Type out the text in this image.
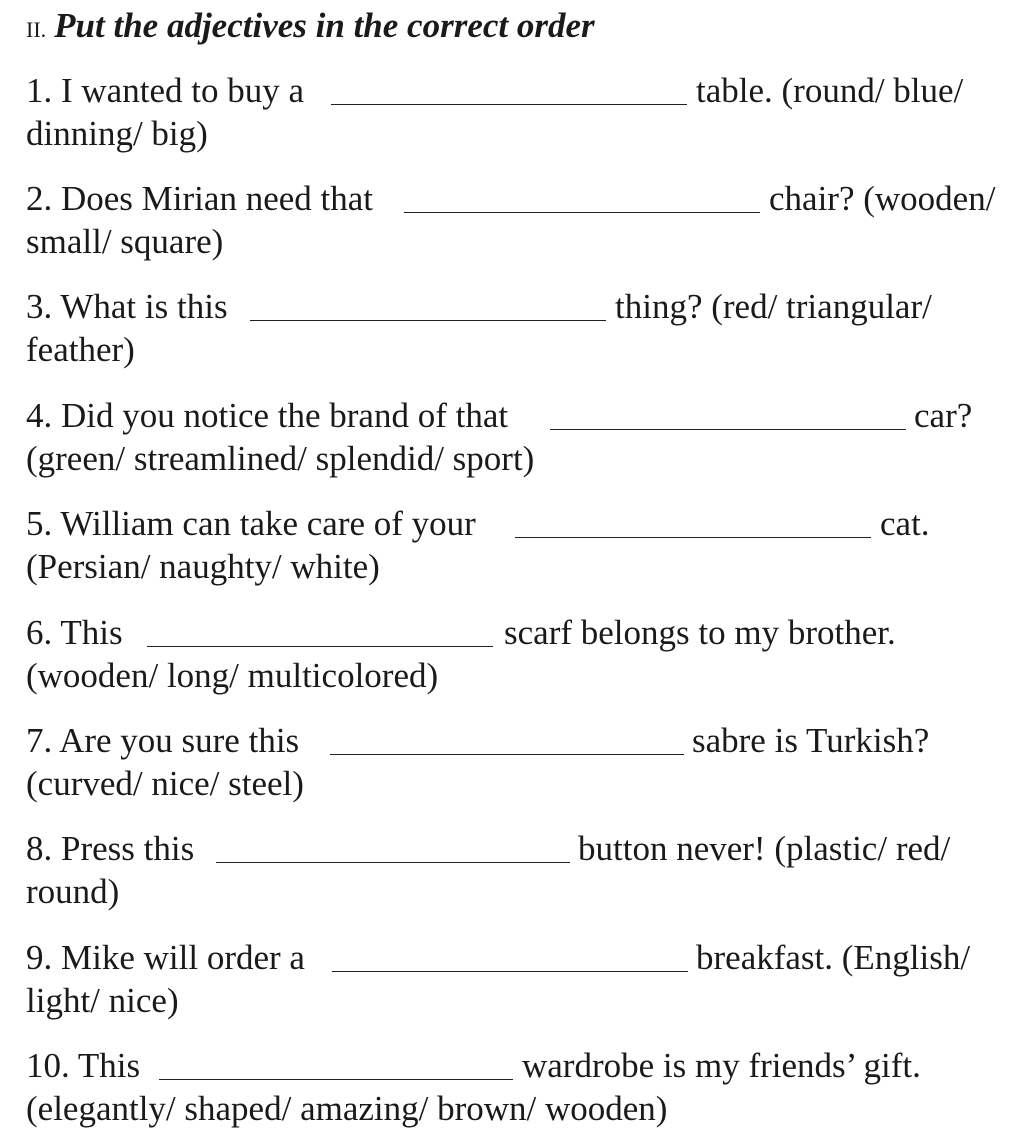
II. Put the adjectives in the correct order
1. I wanted to buy a	table. (round/ blue/
dinning/ big)
2. Does Mirian need that	chair? (wooden/
small/ square)
3. What is this	thing? (red/ triangular/
feather)
4. Did you notice the brand of that	car?
(green/ streamlined/ splendid/ sport)
5. William can take care of your	cat.
(Persian/ naughty/ white)
6. This	scarf belongs to my brother.
(wooden/ long/ multicolored)
7. Are you sure this	sabre is Turkish?
(curved/ nice/ steel)
8. Press this	button never! (plastic/ red/
round)
9. Mike will order a	breakfast. (English/
light/ nice)
10. This	wardrobe is my friends’ gift.
(elegantly/ shaped/ amazing/ brown/ wooden)
